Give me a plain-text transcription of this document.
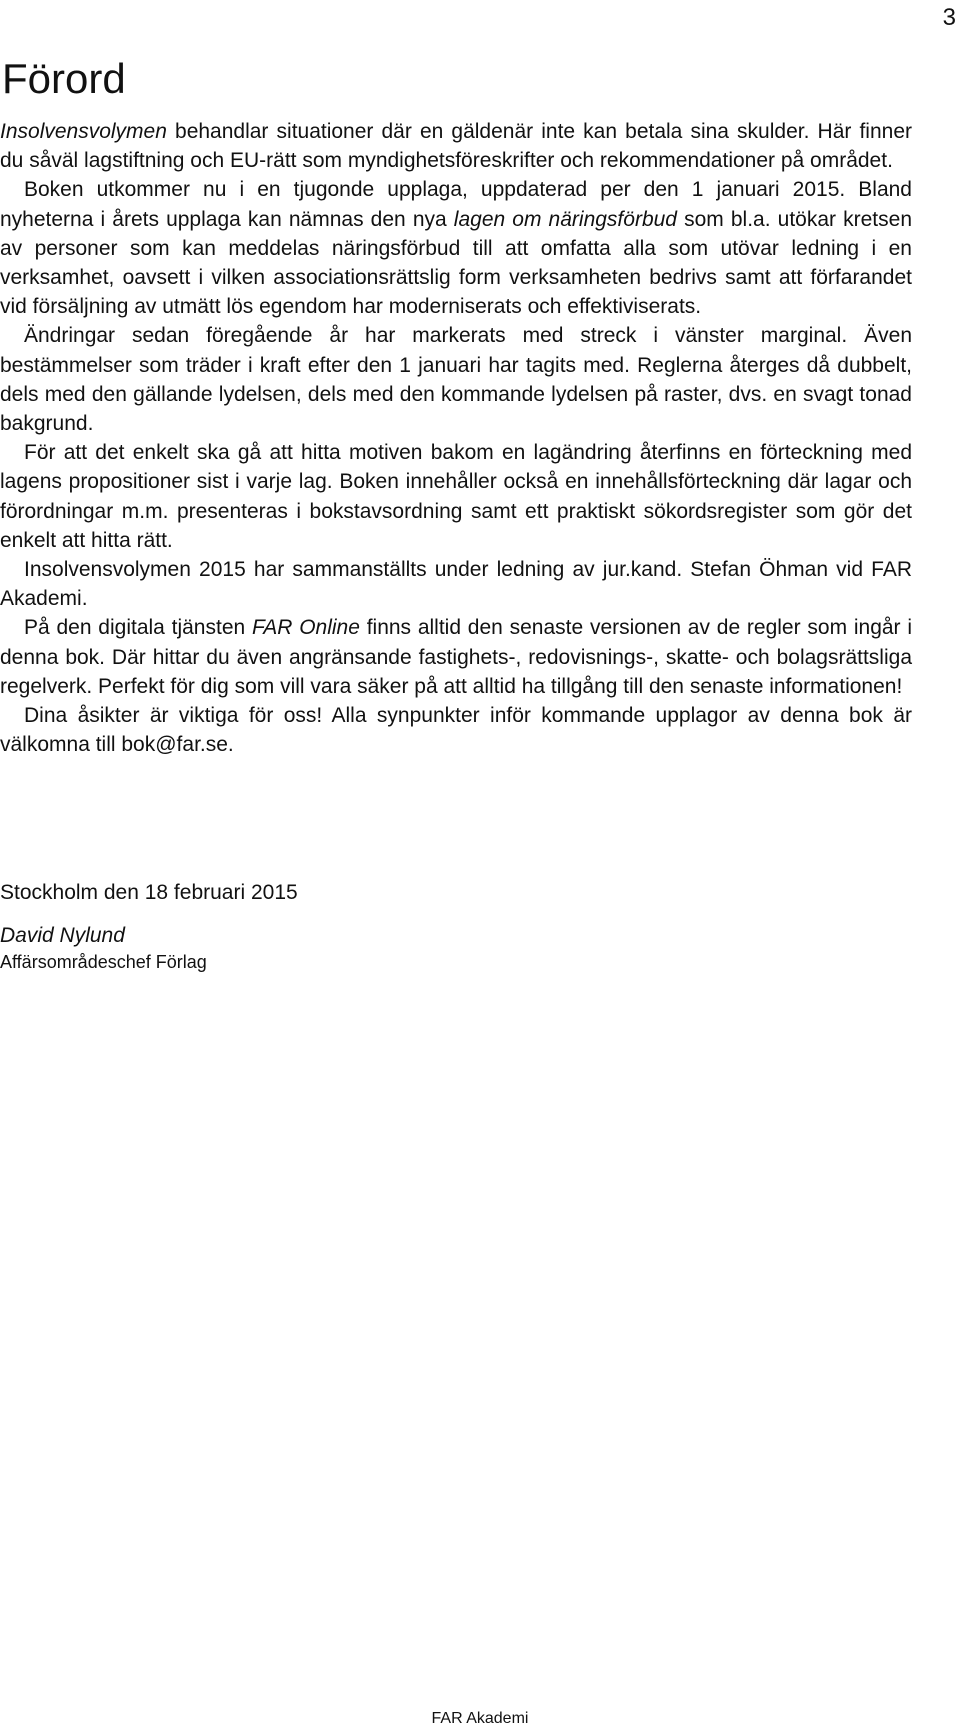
3
Förord

Insolvensvolymen behandlar situationer där en gäldenär inte kan betala sina skulder. Här finner du såväl lagstiftning och EU-rätt som myndighetsföreskrifter och rekommendationer på området.

Boken utkommer nu i en tjugonde upplaga, uppdaterad per den 1 januari 2015. Bland nyheterna i årets upplaga kan nämnas den nya lagen om näringsförbud som bl.a. utökar kretsen av personer som kan meddelas näringsförbud till att omfatta alla som utövar ledning i en verksamhet, oavsett i vilken associationsrättslig form verksamheten bedrivs samt att förfarandet vid försäljning av utmätt lös egendom har moderniserats och effektiviserats.

Ändringar sedan föregående år har markerats med streck i vänster marginal. Även bestämmelser som träder i kraft efter den 1 januari har tagits med. Reglerna återges då dubbelt, dels med den gällande lydelsen, dels med den kommande lydelsen på raster, dvs. en svagt tonad bakgrund.

För att det enkelt ska gå att hitta motiven bakom en lagändring återfinns en förteckning med lagens propositioner sist i varje lag. Boken innehåller också en innehållsförteckning där lagar och förordningar m.m. presenteras i bokstavsordning samt ett praktiskt sökordsregister som gör det enkelt att hitta rätt.

Insolvensvolymen 2015 har sammanställts under ledning av jur.kand. Stefan Öhman vid FAR Akademi.

På den digitala tjänsten FAR Online finns alltid den senaste versionen av de regler som ingår i denna bok. Där hittar du även angränsande fastighets-, redovisnings-, skatte- och bolagsrättsliga regelverk. Perfekt för dig som vill vara säker på att alltid ha tillgång till den senaste informationen!

Dina åsikter är viktiga för oss! Alla synpunkter inför kommande upplagor av denna bok är välkomna till bok@far.se.

Stockholm den 18 februari 2015
David Nylund
Affärsområdeschef Förlag
FAR Akademi
